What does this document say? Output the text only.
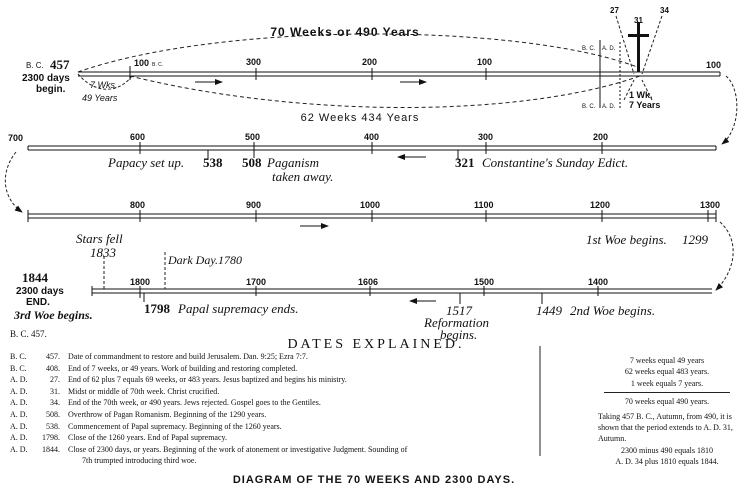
70 Weeks or 490 Years
62 Weeks 434 Years
B. C. 457
2300 days
begin.	7 Wks.
49 Years
100 B. C.	300	200	100	100
B. C. A. D.
B. C. A. D.
27
31
34
1 Wk.
7 Years
700	600	500	400	300	200
Papacy set up. 538 508 Paganism
taken away.
321 Constantine's Sunday Edict.
800	900	1000	1100	1200	1300
1st Woe begins. 1299
Stars fell
1833	Dark Day.1780
1844
2300 days
END.
3rd Woe begins.
1800	1700	1606	1500	1400
1798 Papal supremacy ends.	1517
Reformation
begins.
1449 2nd Woe begins.
B. C. 457.
DATES EXPLAINED.
DIAGRAM OF THE 70 WEEKS AND 2300 DAYS.
B. C.	457. Date of commandment to restore and build Jerusalem. Dan. 9:25; Ezra 7:7.
B. C.	408. End of 7 weeks, or 49 years. Work of building and restoring completed.
A. D.	27. End of 62 plus 7 equals 69 weeks, or 483 years. Jesus baptized and begins his ministry.
A. D.	31. Midst or middle of 70th week. Christ crucified.
A. D.	34. End of the 70th week, or 490 years. Jews rejected. Gospel goes to the Gentiles.
A. D.	508. Overthrow of Pagan Romanism. Beginning of the 1290 years.
A. D.	538. Commencement of Papal supremacy. Beginning of the 1260 years.
A. D.	1798. Close of the 1260 years. End of Papal supremacy.
A. D.	1844. Close of 2300 days, or years. Beginning of the work of atonement or investigative Judgment. Sounding of
7th trumpted introducing third woe.
7 weeks equal 49 years
62 weeks equal 483 years.
1 week equals 7 years.
70 weeks equal 490 years.
Taking 457 B. C., Autumn, from 490, it is shown that the period extends to A. D. 31, Autumn.
2300 minus 490 equals 1810
A. D. 34 plus 1810 equals 1844.
